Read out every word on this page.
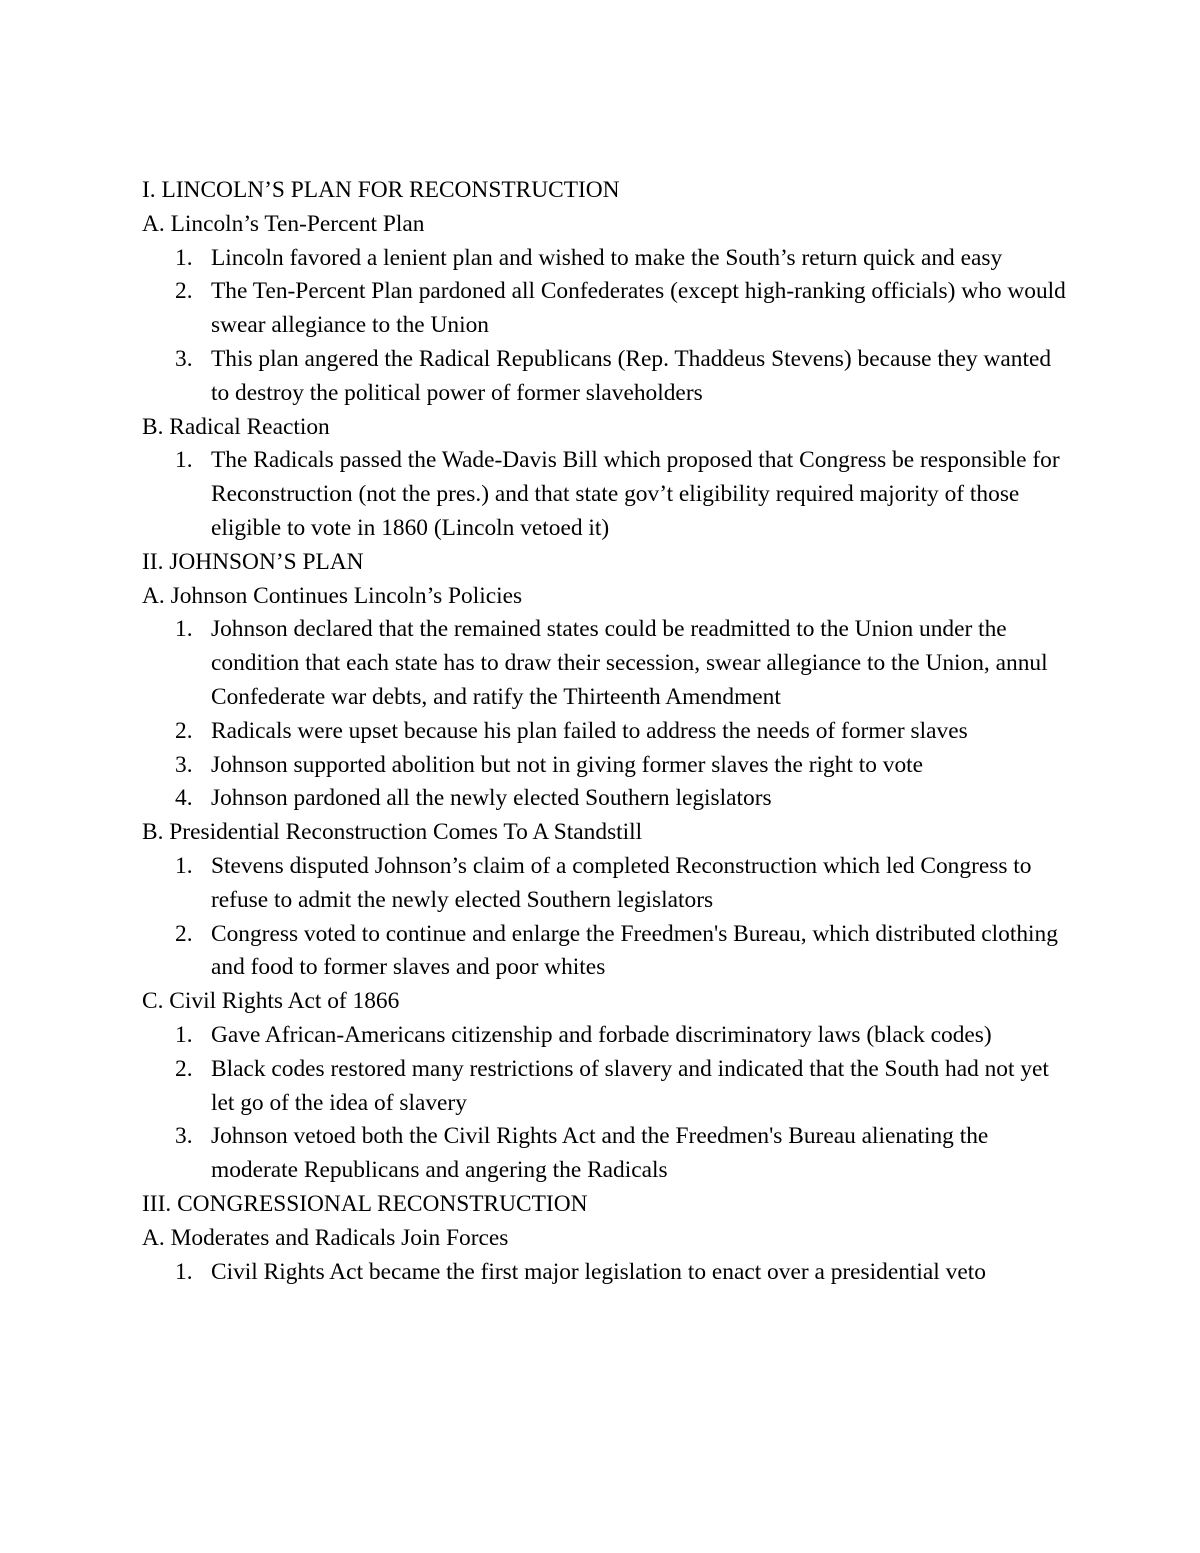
I. LINCOLN’S PLAN FOR RECONSTRUCTION
A. Lincoln’s Ten-Percent Plan
1. Lincoln favored a lenient plan and wished to make the South’s return quick and easy
2. The Ten-Percent Plan pardoned all Confederates (except high-ranking officials) who would swear allegiance to the Union
3. This plan angered the Radical Republicans (Rep. Thaddeus Stevens) because they wanted to destroy the political power of former slaveholders
B. Radical Reaction
1. The Radicals passed the Wade-Davis Bill which proposed that Congress be responsible for Reconstruction (not the pres.) and that state gov’t eligibility required majority of those eligible to vote in 1860 (Lincoln vetoed it)
II. JOHNSON’S PLAN
A. Johnson Continues Lincoln’s Policies
1. Johnson declared that the remained states could be readmitted to the Union under the condition that each state has to draw their secession, swear allegiance to the Union, annul Confederate war debts, and ratify the Thirteenth Amendment
2. Radicals were upset because his plan failed to address the needs of former slaves
3. Johnson supported abolition but not in giving former slaves the right to vote
4. Johnson pardoned all the newly elected Southern legislators
B. Presidential Reconstruction Comes To A Standstill
1. Stevens disputed Johnson’s claim of a completed Reconstruction which led Congress to refuse to admit the newly elected Southern legislators
2. Congress voted to continue and enlarge the Freedmen's Bureau, which distributed clothing and food to former slaves and poor whites
C. Civil Rights Act of 1866
1. Gave African-Americans citizenship and forbade discriminatory laws (black codes)
2. Black codes restored many restrictions of slavery and indicated that the South had not yet let go of the idea of slavery
3. Johnson vetoed both the Civil Rights Act and the Freedmen's Bureau alienating the moderate Republicans and angering the Radicals
III. CONGRESSIONAL RECONSTRUCTION
A. Moderates and Radicals Join Forces
1. Civil Rights Act became the first major legislation to enact over a presidential veto
